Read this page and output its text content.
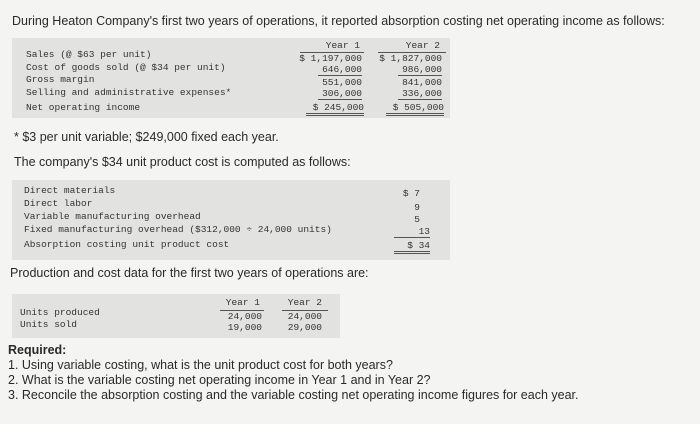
During Heaton Company's first two years of operations, it reported absorption costing net operating income as follows:
Year 1	Year 2
Sales (@ $63 per unit)
Cost of goods sold (@ $34 per unit)
Gross margin
Selling and administrative expenses*
Net operating income
$ 1,197,000
646,000
551,000
306,000
$ 245,000
$ 1,827,000
986,000
841,000
336,000
$ 505,000
* $3 per unit variable; $249,000 fixed each year.
The company's $34 unit product cost is computed as follows:
Direct materials
Direct labor
Variable manufacturing overhead
Fixed manufacturing overhead ($312,000 ÷ 24,000 units)
Absorption costing unit product cost
$ 7
9
5
13
$ 34
Production and cost data for the first two years of operations are:
Year 1	Year 2
Units produced
Units sold
24,000
19,000
24,000
29,000
Required:
1. Using variable costing, what is the unit product cost for both years?
2. What is the variable costing net operating income in Year 1 and in Year 2?
3. Reconcile the absorption costing and the variable costing net operating income figures for each year.
